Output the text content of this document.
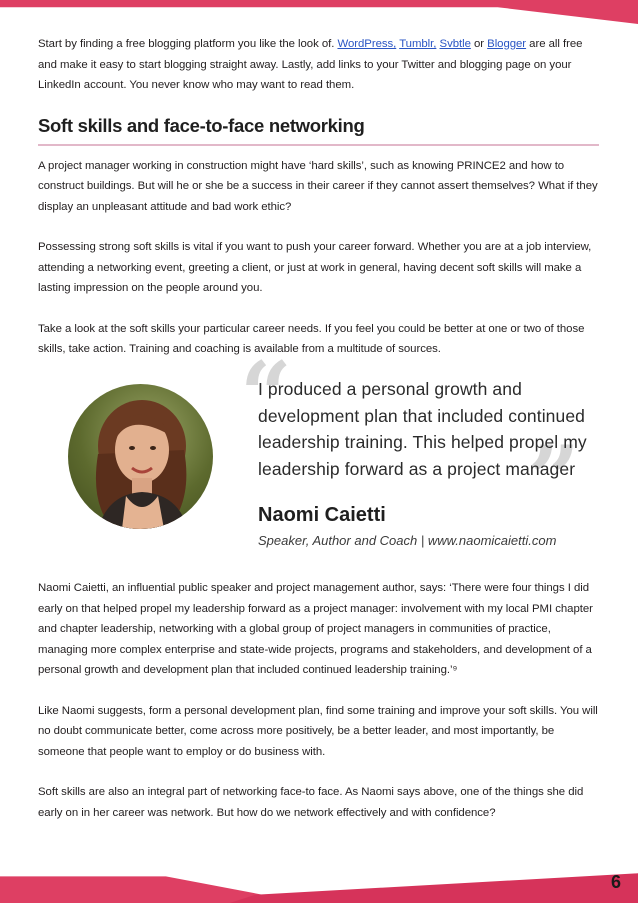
Start by finding a free blogging platform you like the look of. WordPress, Tumblr, Svbtle or Blogger are all free and make it easy to start blogging straight away. Lastly, add links to your Twitter and blogging page on your LinkedIn account. You never know who may want to read them.

Soft skills and face-to-face networking

A project manager working in construction might have ‘hard skills’, such as knowing PRINCE2 and how to construct buildings. But will he or she be a success in their career if they cannot assert themselves? What if they display an unpleasant attitude and bad work ethic?

Possessing strong soft skills is vital if you want to push your career forward. Whether you are at a job interview, attending a networking event, greeting a client, or just at work in general, having decent soft skills will make a lasting impression on the people around you.

Take a look at the soft skills your particular career needs. If you feel you could be better at one or two of those skills, take action. Training and coaching is available from a multitude of sources.

“
”
I produced a personal growth and development plan that included continued leadership training. This helped propel my leadership forward as a project manager
Naomi Caietti
Speaker, Author and Coach | www.naomicaietti.com

Naomi Caietti, an influential public speaker and project management author, says: ‘There were four things I did early on that helped propel my leadership forward as a project manager: involvement with my local PMI chapter and chapter leadership, networking with a global group of project managers in communities of practice, managing more complex enterprise and state-wide projects, programs and stakeholders, and development of a personal growth and development plan that included continued leadership training.’⁹

Like Naomi suggests, form a personal development plan, find some training and improve your soft skills. You will no doubt communicate better, come across more positively, be a better leader, and most importantly, be someone that people want to employ or do business with.

Soft skills are also an integral part of networking face-to face. As Naomi says above, one of the things she did early on in her career was network. But how do we network effectively and with confidence?

6
